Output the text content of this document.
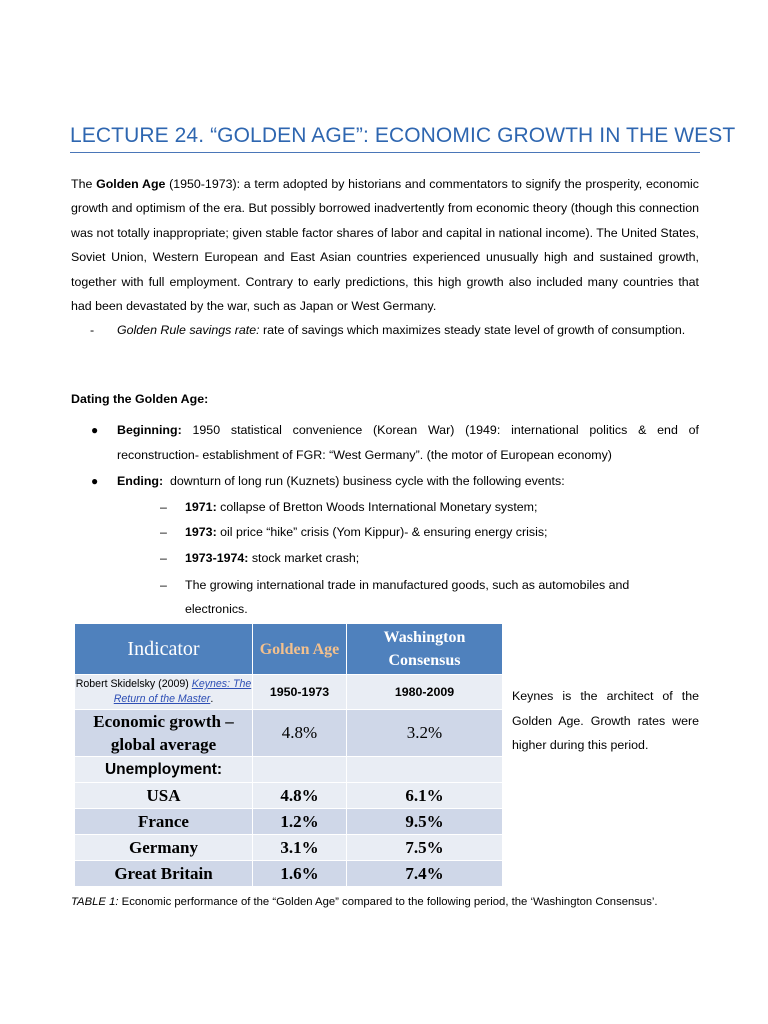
LECTURE 24. “GOLDEN AGE”: ECONOMIC GROWTH IN THE WEST
The Golden Age (1950-1973): a term adopted by historians and commentators to signify the prosperity, economic growth and optimism of the era. But possibly borrowed inadvertently from economic theory (though this connection was not totally inappropriate; given stable factor shares of labor and capital in national income). The United States, Soviet Union, Western European and East Asian countries experienced unusually high and sustained growth, together with full employment. Contrary to early predictions, this high growth also included many countries that had been devastated by the war, such as Japan or West Germany.
- Golden Rule savings rate: rate of savings which maximizes steady state level of growth of consumption.
Dating the Golden Age:
● Beginning: 1950 statistical convenience (Korean War) (1949: international politics & end of reconstruction- establishment of FGR: “West Germany”. (the motor of European economy)
● Ending:  downturn of long run (Kuznets) business cycle with the following events:
– 1971: collapse of Bretton Woods International Monetary system;
– 1973: oil price “hike” crisis (Yom Kippur)- & ensuring energy crisis;
– 1973-1974: stock market crash;
– The growing international trade in manufactured goods, such as automobiles and electronics.
Indicator	Golden Age	Washington Consensus
Robert Skidelsky (2009) Keynes: The Return of the Master.	1950-1973	1980-2009
Economic growth – global average	4.8%	3.2%
Unemployment:		
USA	4.8%	6.1%
France	1.2%	9.5%
Germany	3.1%	7.5%
Great Britain	1.6%	7.4%
Keynes is the architect of the Golden Age. Growth rates were higher during this period.
TABLE 1: Economic performance of the “Golden Age” compared to the following period, the ‘Washington Consensus’.
